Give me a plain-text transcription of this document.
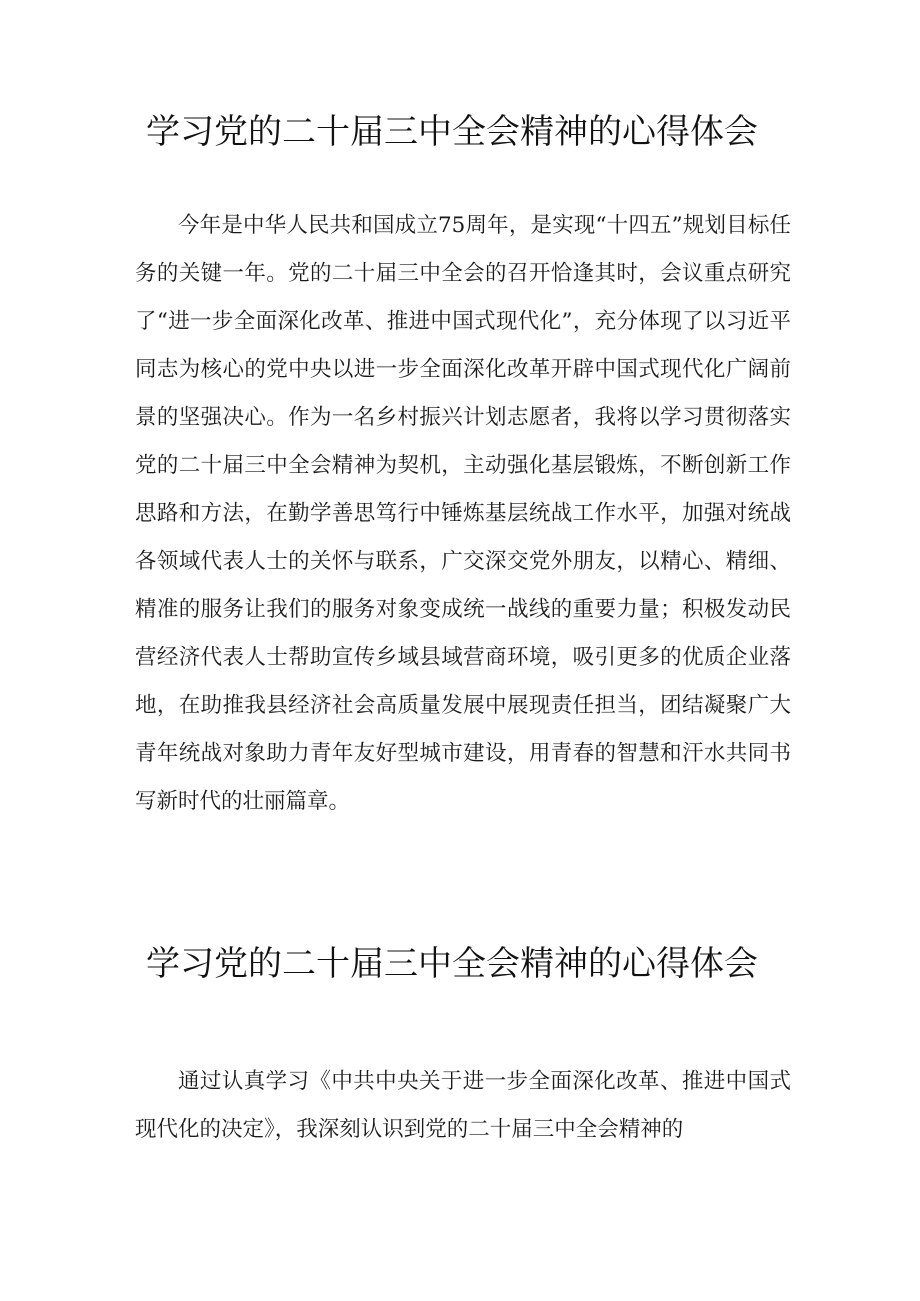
学习党的二十届三中全会精神的心得体会

今年是中华人民共和国成立75周年，是实现“十四五”规划目标任务的关键一年。党的二十届三中全会的召开恰逢其时，会议重点研究了“进一步全面深化改革、推进中国式现代化”，充分体现了以习近平同志为核心的党中央以进一步全面深化改革开辟中国式现代化广阔前景的坚强决心。作为一名乡村振兴计划志愿者，我将以学习贯彻落实党的二十届三中全会精神为契机，主动强化基层锻炼，不断创新工作思路和方法，在勤学善思笃行中锤炼基层统战工作水平，加强对统战各领域代表人士的关怀与联系，广交深交党外朋友，以精心、精细、精准的服务让我们的服务对象变成统一战线的重要力量；积极发动民营经济代表人士帮助宣传乡域县域营商环境，吸引更多的优质企业落地，在助推我县经济社会高质量发展中展现责任担当，团结凝聚广大青年统战对象助力青年友好型城市建设，用青春的智慧和汗水共同书写新时代的壮丽篇章。

学习党的二十届三中全会精神的心得体会

通过认真学习《中共中央关于进一步全面深化改革、推进中国式现代化的决定》，我深刻认识到党的二十届三中全会精神的
